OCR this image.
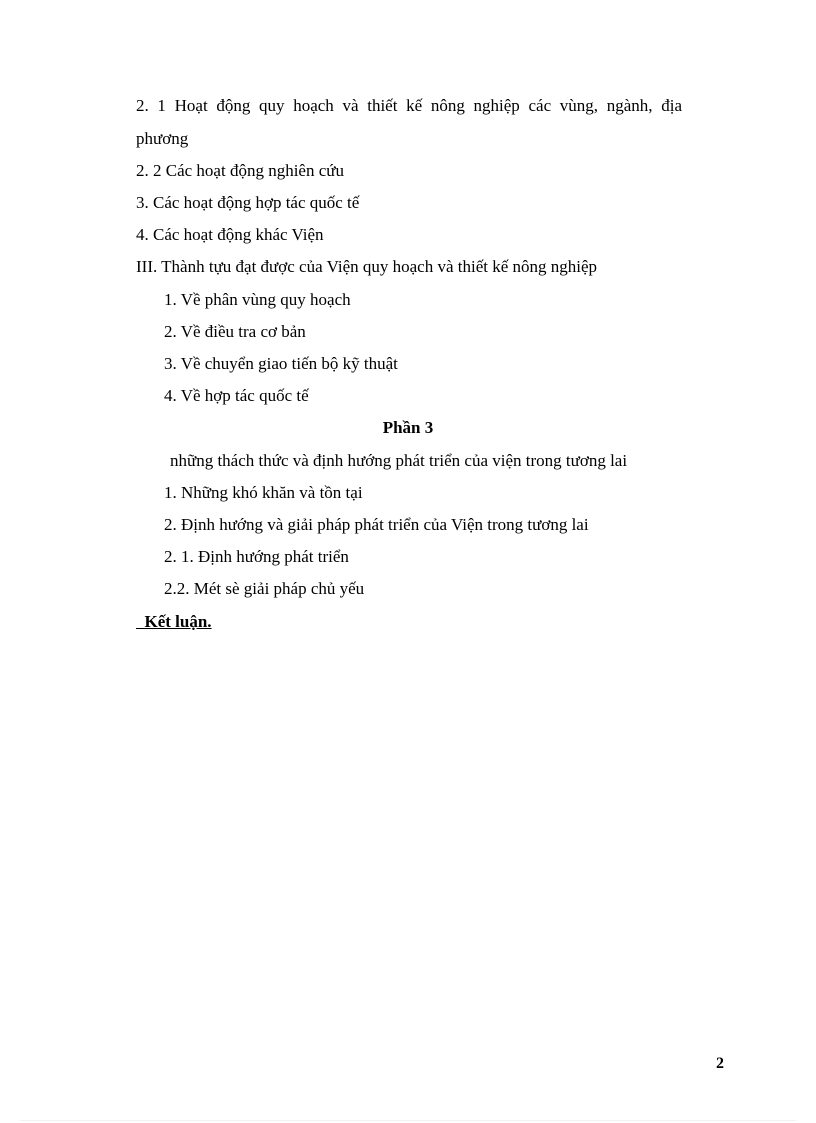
2. 1 Hoạt động quy hoạch và thiết kế nông nghiệp các vùng, ngành, địa
phương
2. 2 Các hoạt động nghiên cứu
3. Các hoạt động hợp tác quốc tế
4. Các hoạt động khác Viện
III. Thành tựu đạt được của Viện quy hoạch và thiết kế nông nghiệp
1. Về phân vùng quy hoạch
2. Về điều tra cơ bản
3. Về chuyển giao tiến bộ kỹ thuật
4. Về hợp tác quốc tế
Phần 3
những thách thức và định hướng phát triển của viện trong tương lai
1. Những khó khăn và tồn tại
2. Định hướng và giải pháp phát triển của Viện trong tương lai
2. 1. Định hướng phát triển
2.2. Mét sè giải pháp chủ yếu
Kết luận.
2
